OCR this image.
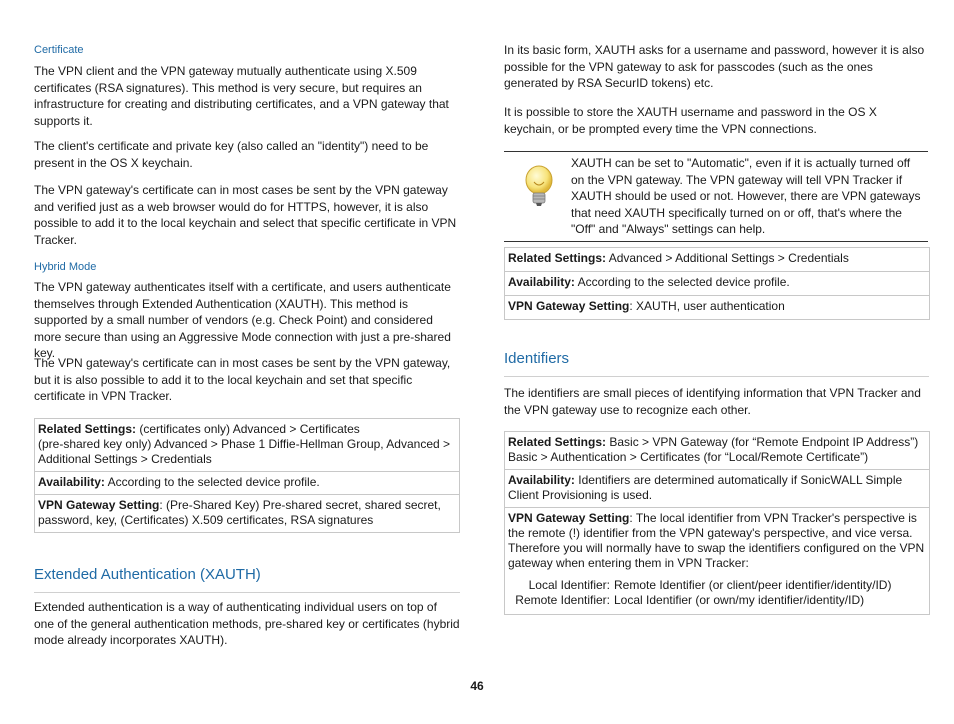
Certificate

The VPN client and the VPN gateway mutually authenticate using X.509 certificates (RSA signatures). This method is very secure, but requires an infrastructure for creating and distributing certificates, and a VPN gateway that supports it.

The client's certificate and private key (also called an "identity") need to be present in the OS X keychain.

The VPN gateway's certificate can in most cases be sent by the VPN gateway and verified just as a web browser would do for HTTPS, however, it is also possible to add it to the local keychain and select that specific certificate in VPN Tracker.

Hybrid Mode

The VPN gateway authenticates itself with a certificate, and users authenticate themselves through Extended Authentication (XAUTH). This method is supported by a small number of vendors (e.g. Check Point) and considered more secure than using an Aggressive Mode connection with just a pre-shared key.

The VPN gateway's certificate can in most cases be sent by the VPN gateway, but it is also possible to add it to the local keychain and set that specific certificate in VPN Tracker.

Related Settings: (certificates only) Advanced > Certificates
(pre-shared key only) Advanced > Phase 1 Diffie-Hellman Group, Advanced > Additional Settings > Credentials
Availability: According to the selected device profile.
VPN Gateway Setting: (Pre-Shared Key) Pre-shared secret, shared secret, password, key, (Certificates) X.509 certificates, RSA signatures
Extended Authentication (XAUTH)

Extended authentication is a way of authenticating individual users on top of one of the general authentication methods, pre-shared key or certificates (hybrid mode already incorporates XAUTH).

In its basic form, XAUTH asks for a username and password, however it is also possible for the VPN gateway to ask for passcodes (such as the ones generated by RSA SecurID tokens) etc.

It is possible to store the XAUTH username and password in the OS X keychain, or be prompted every time the VPN connections.

XAUTH can be set to "Automatic", even if it is actually turned off on the VPN gateway. The VPN gateway will tell VPN Tracker if XAUTH should be used or not. However, there are VPN gateways that need XAUTH specifically turned on or off, that's where the "Off" and "Always" settings can help.

Related Settings: Advanced > Additional Settings > Credentials
Availability: According to the selected device profile.
VPN Gateway Setting: XAUTH, user authentication
Identifiers

The identifiers are small pieces of identifying information that VPN Tracker and the VPN gateway use to recognize each other.

Related Settings: Basic > VPN Gateway (for “Remote Endpoint IP Address”) Basic > Authentication > Certificates (for “Local/Remote Certificate”)
Availability: Identifiers are determined automatically if SonicWALL Simple Client Provisioning is used.
VPN Gateway Setting: The local identifier from VPN Tracker's perspective is the remote (!) identifier from the VPN gateway's perspective, and vice versa. Therefore you will normally have to swap the identifiers configured on the VPN gateway when entering them in VPN Tracker:
Local Identifier: Remote Identifier (or client/peer identifier/identity/ID)
Remote Identifier: Local Identifier (or own/my identifier/identity/ID)
46
